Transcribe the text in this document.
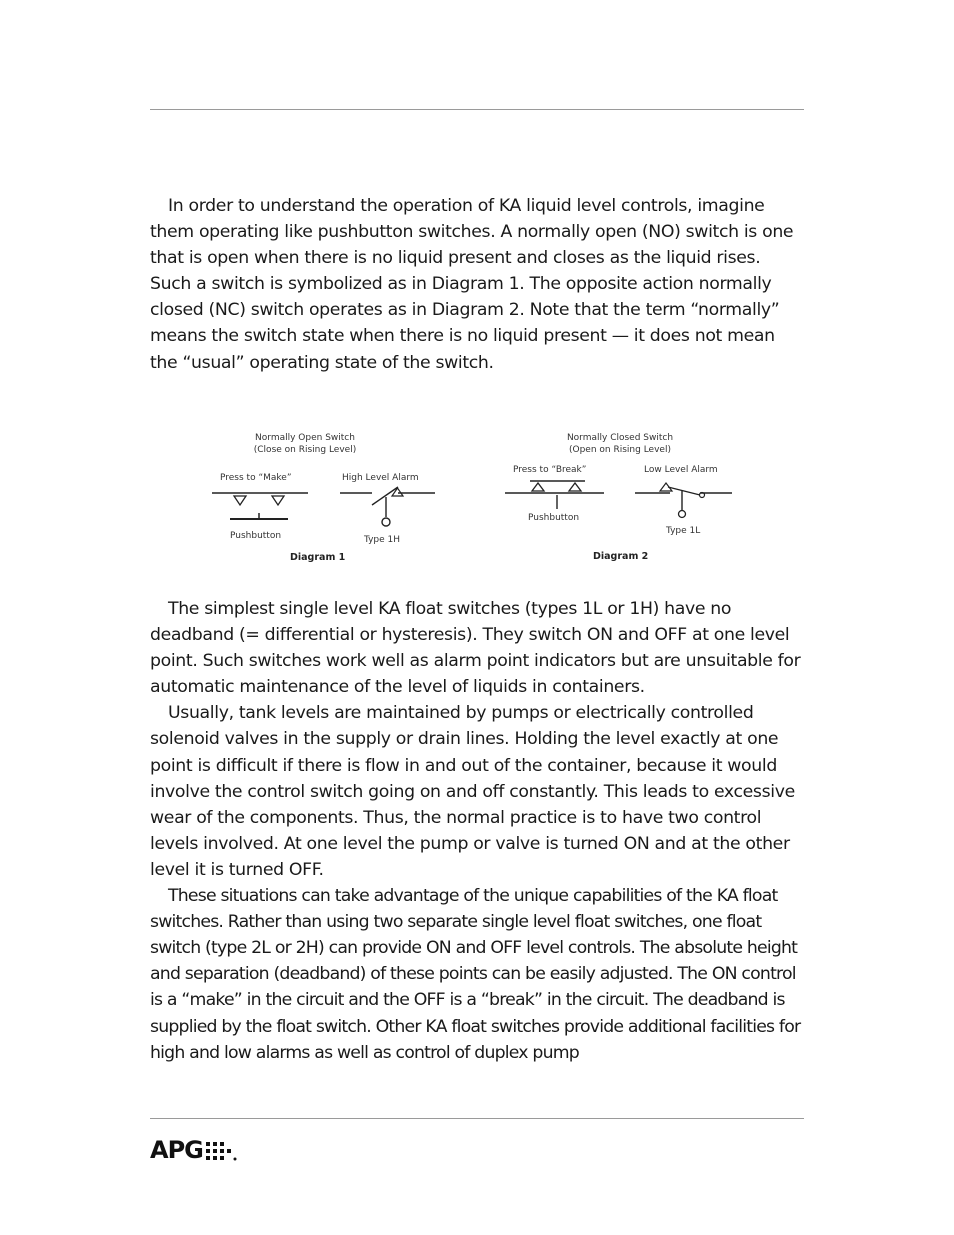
In order to understand the operation of KA liquid level controls, imagine them operating like pushbutton switches. A normally open (NO) switch is one that is open when there is no liquid present and closes as the liquid rises. Such a switch is symbolized as in Diagram 1. The opposite action normally closed (NC) switch operates as in Diagram 2. Note that the term “normally” means the switch state when there is no liquid present — it does not mean the “usual” operating state of the switch.

Normally Open Switch
(Close on Rising Level)
Press to “Make”	High Level Alarm
Pushbutton	Type 1H
Diagram 1
Normally Closed Switch
(Open on Rising Level)
Press to “Break”	Low Level Alarm
Pushbutton
Type 1L
Diagram 2

The simplest single level KA float switches (types 1L or 1H) have no deadband (= differential or hysteresis). They switch ON and OFF at one level point. Such switches work well as alarm point indicators but are unsuitable for automatic maintenance of the level of liquids in containers.

Usually, tank levels are maintained by pumps or electrically controlled solenoid valves in the supply or drain lines. Holding the level exactly at one point is difficult if there is flow in and out of the container, because it would involve the control switch going on and off constantly. This leads to excessive wear of the components. Thus, the normal practice is to have two control levels involved. At one level the pump or valve is turned ON and at the other level it is turned OFF.

These situations can take advantage of the unique capabilities of the KA float switches. Rather than using two separate single level float switches, one float switch (type 2L or 2H) can provide ON and OFF level controls. The absolute height and separation (deadband) of these points can be easily adjusted. The ON control is a “make” in the circuit and the OFF is a “break” in the circuit. The deadband is supplied by the float switch. Other KA float switches provide additional facilities for high and low alarms as well as control of duplex pump

APG
